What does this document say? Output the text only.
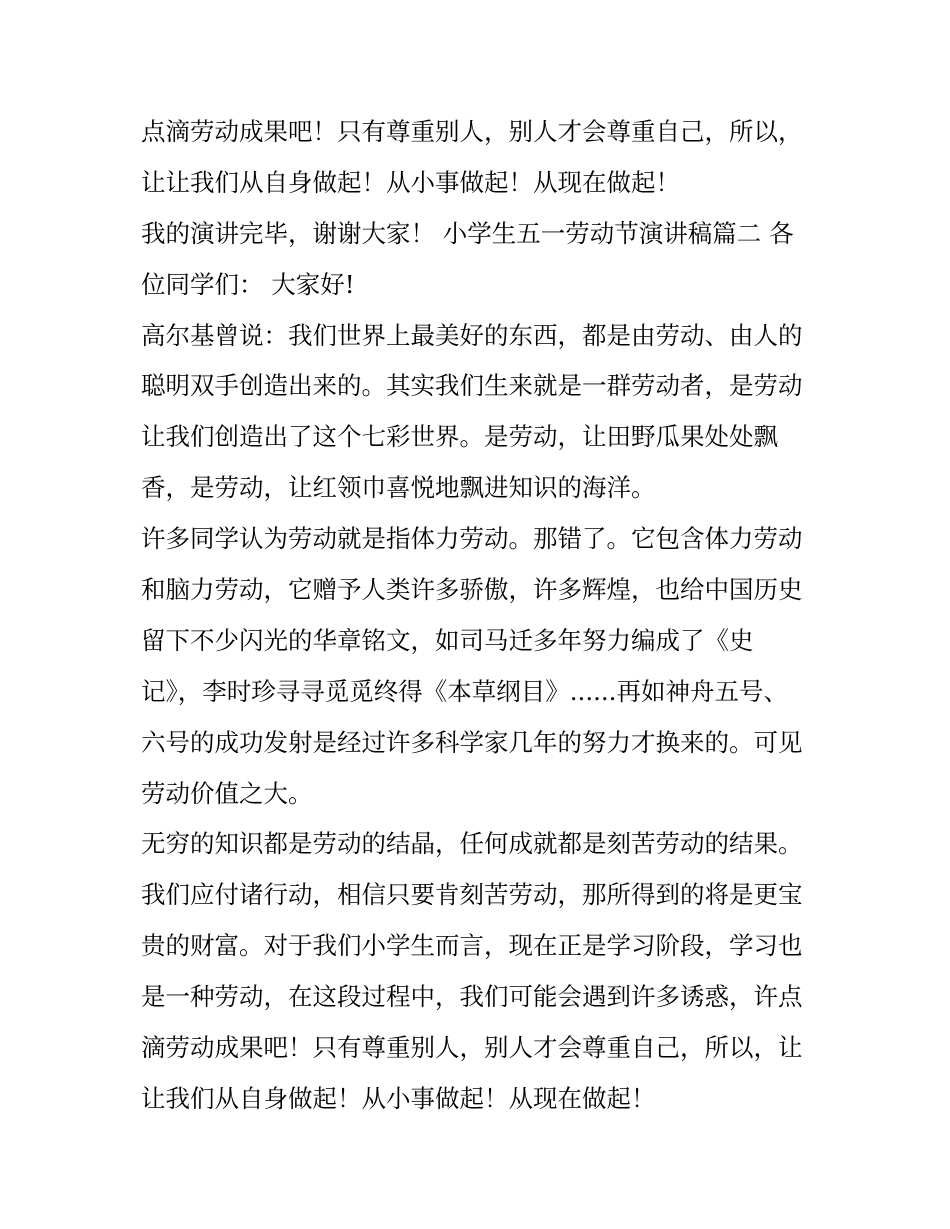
点滴劳动成果吧！只有尊重别人，别人才会尊重自己，所以，
让让我们从自身做起！从小事做起！从现在做起！
我的演讲完毕，谢谢大家！ 小学生五一劳动节演讲稿篇二 各
位同学们： 大家好!
高尔基曾说：我们世界上最美好的东西，都是由劳动、由人的
聪明双手创造出来的。其实我们生来就是一群劳动者，是劳动
让我们创造出了这个七彩世界。是劳动，让田野瓜果处处飘
香，是劳动，让红领巾喜悦地飘进知识的海洋。
许多同学认为劳动就是指体力劳动。那错了。它包含体力劳动
和脑力劳动，它赠予人类许多骄傲，许多辉煌，也给中国历史
留下不少闪光的华章铭文，如司马迁多年努力编成了《史
记》，李时珍寻寻觅觅终得《本草纲目》......再如神舟五号、
六号的成功发射是经过许多科学家几年的努力才换来的。可见
劳动价值之大。
无穷的知识都是劳动的结晶，任何成就都是刻苦劳动的结果。
我们应付诸行动，相信只要肯刻苦劳动，那所得到的将是更宝
贵的财富。对于我们小学生而言，现在正是学习阶段，学习也
是一种劳动，在这段过程中，我们可能会遇到许多诱惑，许点
滴劳动成果吧！只有尊重别人，别人才会尊重自己，所以，让
让我们从自身做起！从小事做起！从现在做起！
